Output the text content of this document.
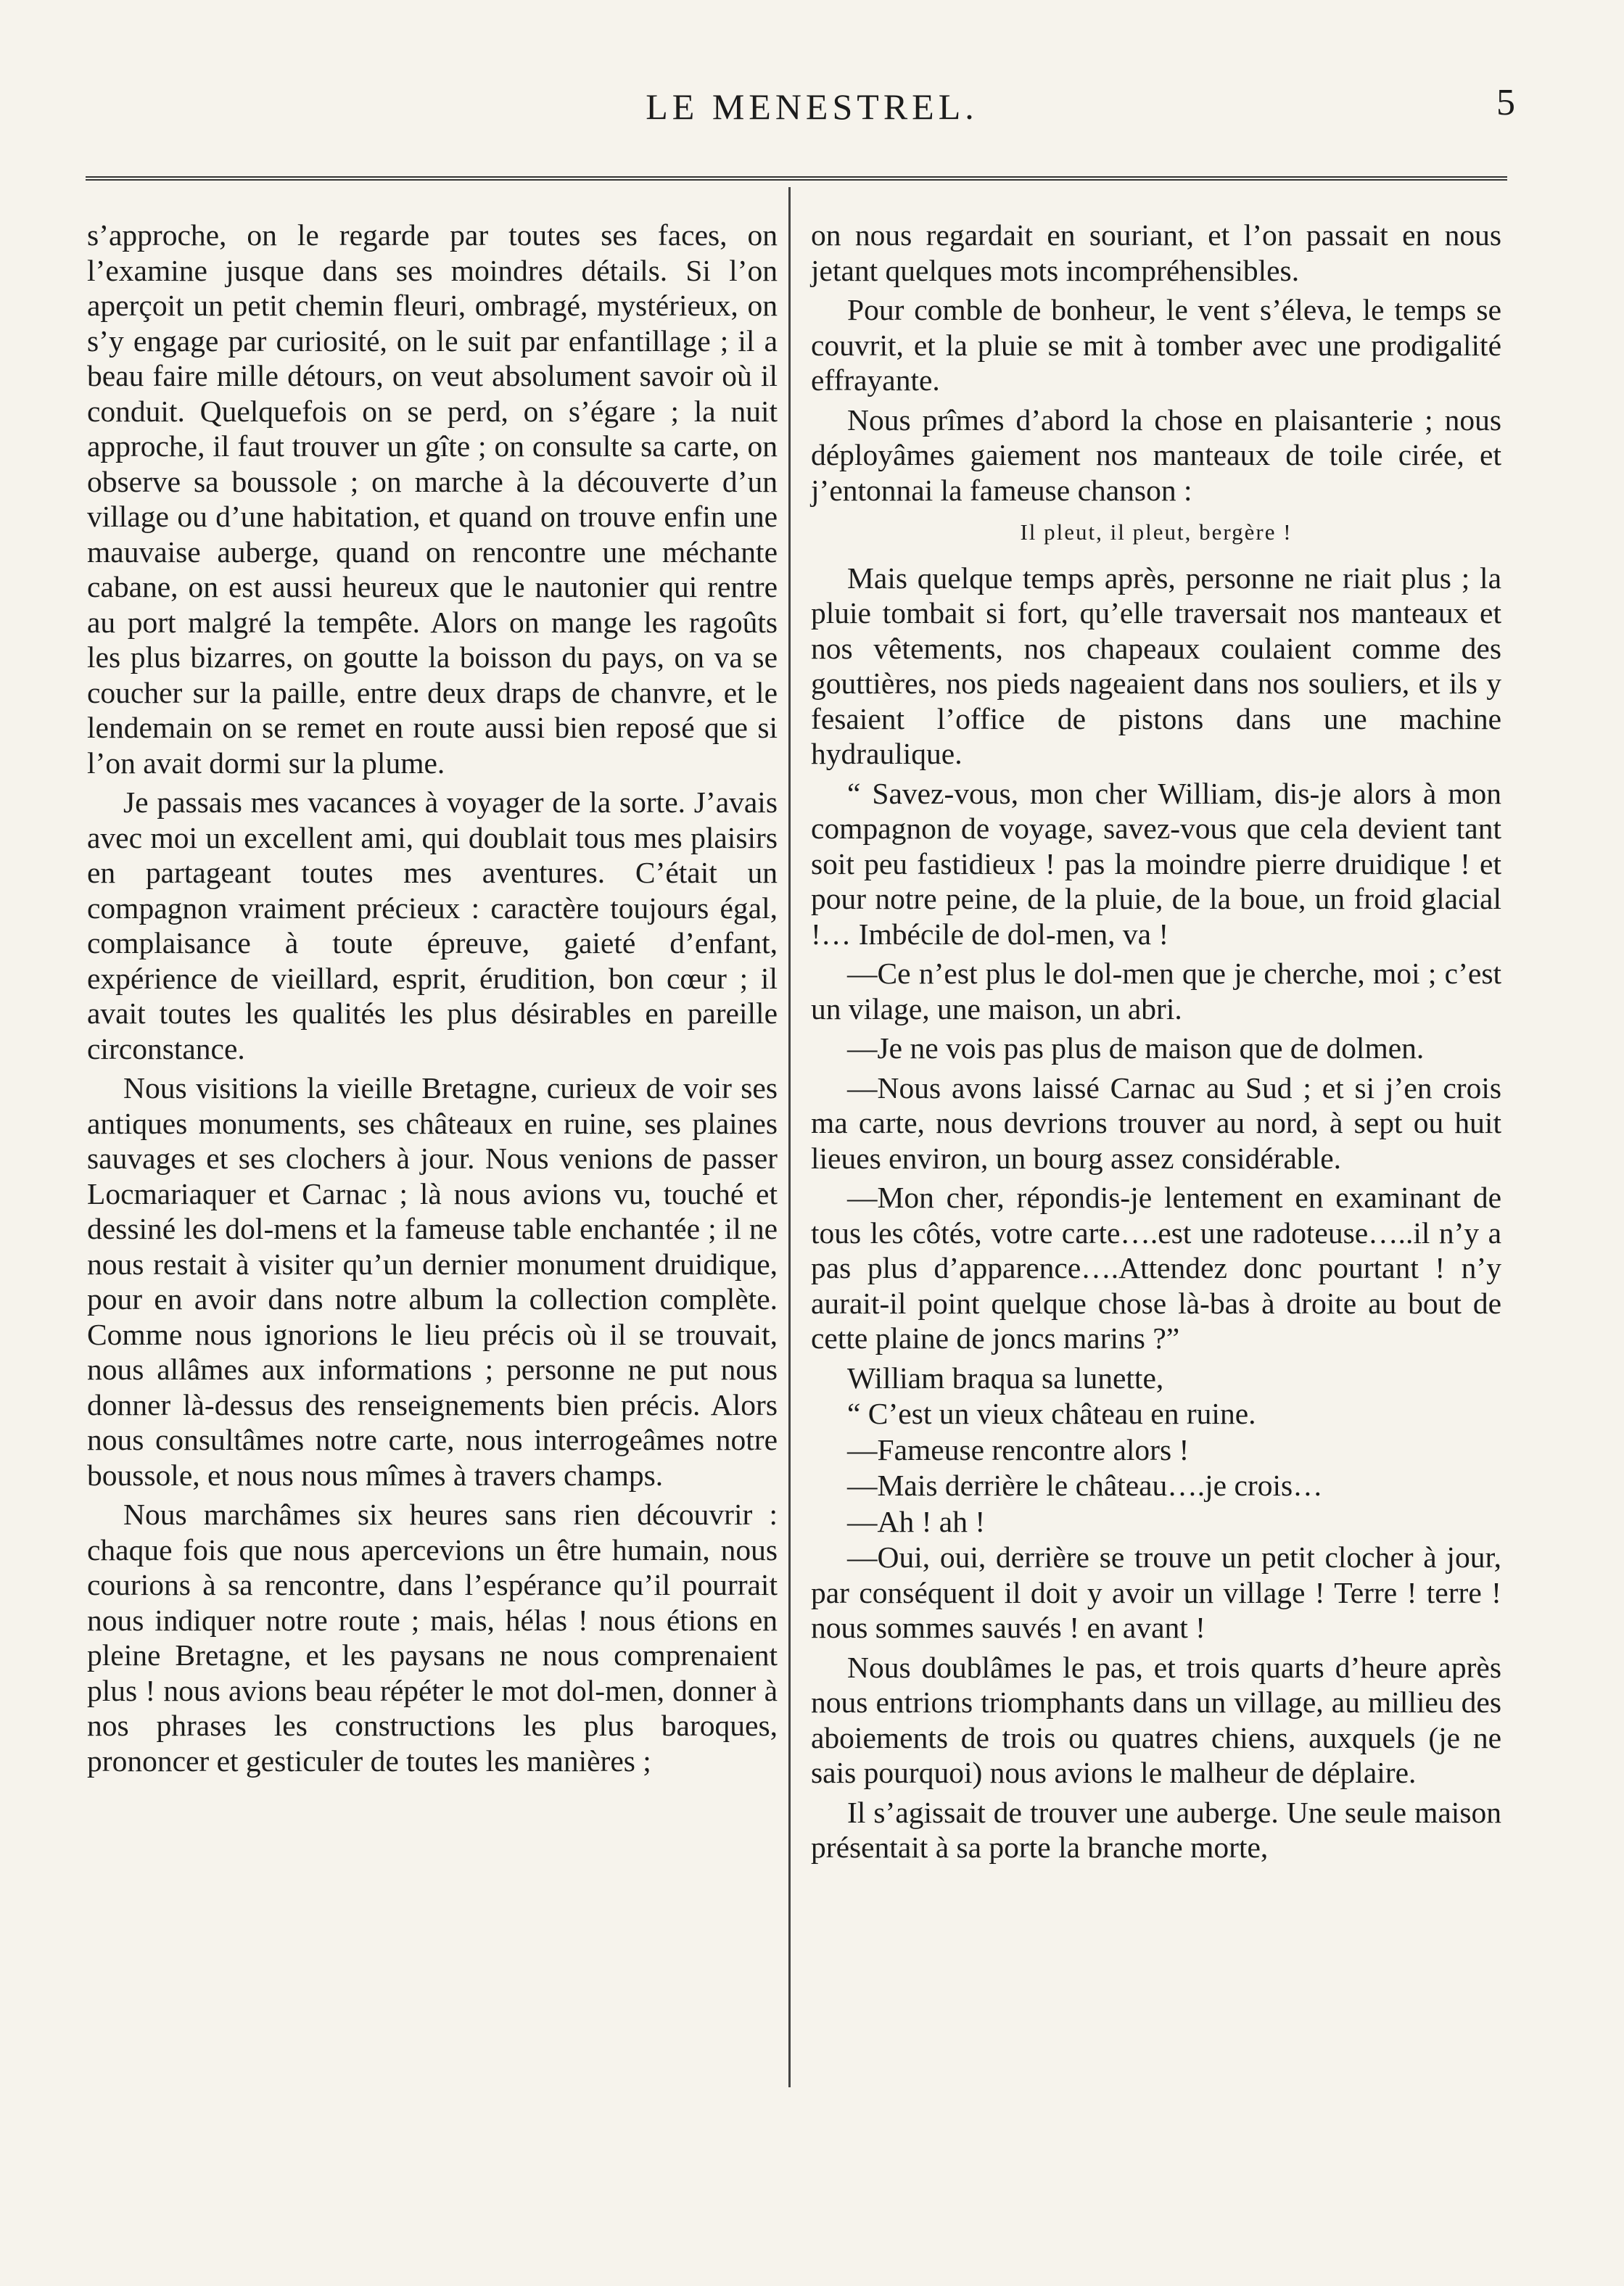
LE MENESTREL.	5

s’approche, on le regarde par toutes ses faces, on l’examine jusque dans ses moindres détails. Si l’on aperçoit un petit chemin fleuri, ombragé, mystérieux, on s’y engage par curiosité, on le suit par enfantillage ; il a beau faire mille détours, on veut absolument savoir où il conduit. Quelquefois on se perd, on s’égare ; la nuit approche, il faut trouver un gîte ; on consulte sa carte, on observe sa boussole ; on marche à la découverte d’un village ou d’une habitation, et quand on trouve enfin une mauvaise auberge, quand on rencontre une méchante cabane, on est aussi heureux que le nautonier qui rentre au port malgré la tempête. Alors on mange les ragoûts les plus bizarres, on goutte la boisson du pays, on va se coucher sur la paille, entre deux draps de chanvre, et le lendemain on se remet en route aussi bien reposé que si l’on avait dormi sur la plume.

Je passais mes vacances à voyager de la sorte. J’avais avec moi un excellent ami, qui doublait tous mes plaisirs en partageant toutes mes aventures. C’était un compagnon vraiment précieux : caractère toujours égal, complaisance à toute épreuve, gaieté d’enfant, expérience de vieillard, esprit, érudition, bon cœur ; il avait toutes les qualités les plus désirables en pareille circonstance.

Nous visitions la vieille Bretagne, curieux de voir ses antiques monuments, ses châteaux en ruine, ses plaines sauvages et ses clochers à jour. Nous venions de passer Locmariaquer et Carnac ; là nous avions vu, touché et dessiné les dol-mens et la fameuse table enchantée ; il ne nous restait à visiter qu’un dernier monument druidique, pour en avoir dans notre album la collection complète. Comme nous ignorions le lieu précis où il se trouvait, nous allâmes aux informations ; personne ne put nous donner là-dessus des renseignements bien précis. Alors nous consultâmes notre carte, nous interrogeâmes notre boussole, et nous nous mîmes à travers champs.

Nous marchâmes six heures sans rien découvrir : chaque fois que nous apercevions un être humain, nous courions à sa rencontre, dans l’espérance qu’il pourrait nous indiquer notre route ; mais, hélas ! nous étions en pleine Bretagne, et les paysans ne nous comprenaient plus ! nous avions beau répéter le mot dol-men, donner à nos phrases les constructions les plus baroques, prononcer et gesticuler de toutes les manières ;

on nous regardait en souriant, et l’on passait en nous jetant quelques mots incompréhensibles.

Pour comble de bonheur, le vent s’éleva, le temps se couvrit, et la pluie se mit à tomber avec une prodigalité effrayante.

Nous prîmes d’abord la chose en plaisanterie ; nous déployâmes gaiement nos manteaux de toile cirée, et j’entonnai la fameuse chanson :

Il pleut, il pleut, bergère !

Mais quelque temps après, personne ne riait plus ; la pluie tombait si fort, qu’elle traversait nos manteaux et nos vêtements, nos chapeaux coulaient comme des gouttières, nos pieds nageaient dans nos souliers, et ils y fesaient l’office de pistons dans une machine hydraulique.

“ Savez-vous, mon cher William, dis-je alors à mon compagnon de voyage, savez-vous que cela devient tant soit peu fastidieux ! pas la moindre pierre druidique ! et pour notre peine, de la pluie, de la boue, un froid glacial !… Imbécile de dol-men, va !

—Ce n’est plus le dol-men que je cherche, moi ; c’est un vilage, une maison, un abri.

—Je ne vois pas plus de maison que de dolmen.

—Nous avons laissé Carnac au Sud ; et si j’en crois ma carte, nous devrions trouver au nord, à sept ou huit lieues environ, un bourg assez considérable.

—Mon cher, répondis-je lentement en examinant de tous les côtés, votre carte….est une radoteuse…..il n’y a pas plus d’apparence….Attendez donc pourtant ! n’y aurait-il point quelque chose là-bas à droite au bout de cette plaine de joncs marins ?”

William braqua sa lunette,

“ C’est un vieux château en ruine.

—Fameuse rencontre alors !

—Mais derrière le château….je crois…

—Ah ! ah !

—Oui, oui, derrière se trouve un petit clocher à jour, par conséquent il doit y avoir un village ! Terre ! terre ! nous sommes sauvés ! en avant !

Nous doublâmes le pas, et trois quarts d’heure après nous entrions triomphants dans un village, au millieu des aboiements de trois ou quatres chiens, auxquels (je ne sais pourquoi) nous avions le malheur de déplaire.

Il s’agissait de trouver une auberge. Une seule maison présentait à sa porte la branche morte,
